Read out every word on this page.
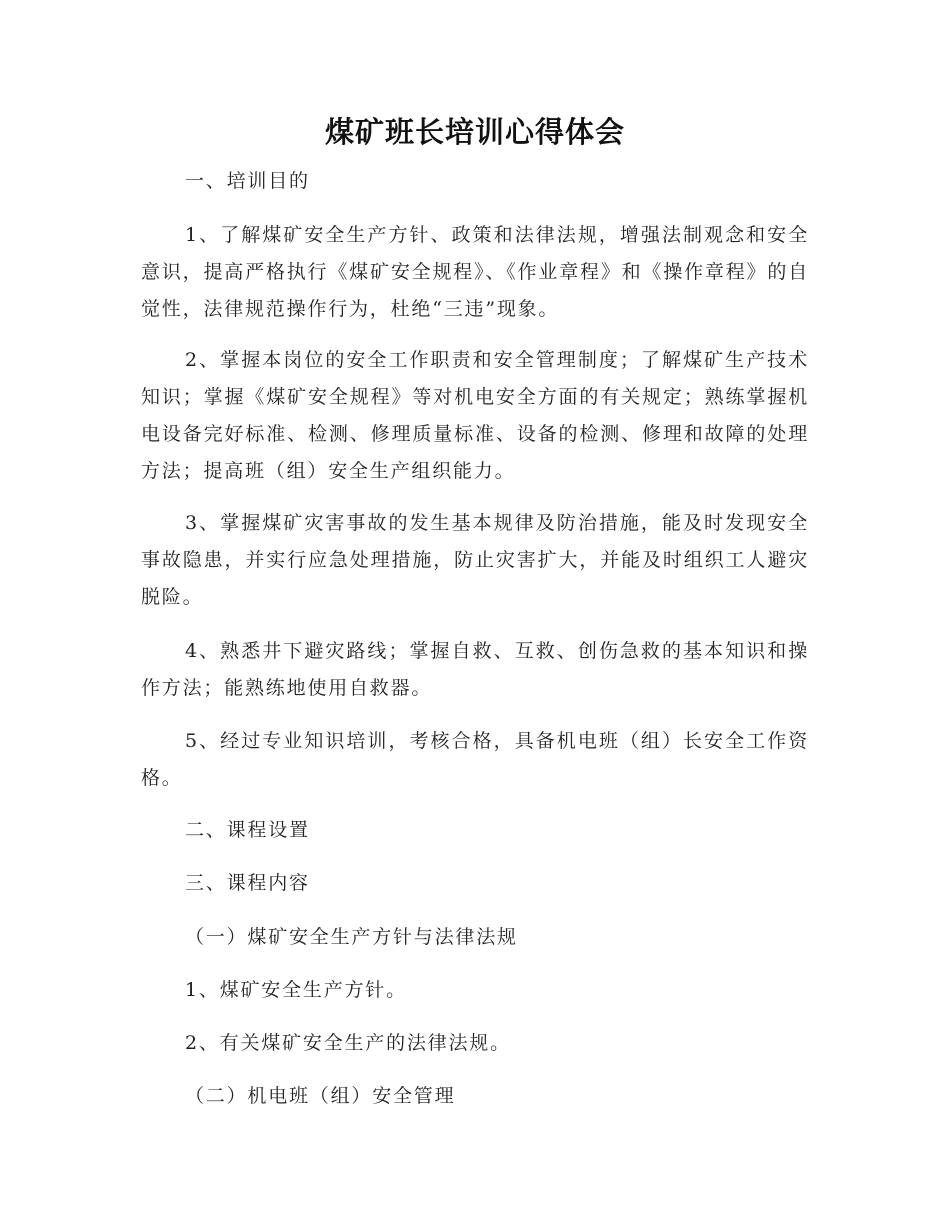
煤矿班长培训心得体会
一、培训目的
1、了解煤矿安全生产方针、政策和法律法规，增强法制观念和安全意识，提高严格执行《煤矿安全规程》、《作业章程》和《操作章程》的自觉性，法律规范操作行为，杜绝“三违”现象。
2、掌握本岗位的安全工作职责和安全管理制度；了解煤矿生产技术知识；掌握《煤矿安全规程》等对机电安全方面的有关规定；熟练掌握机电设备完好标准、检测、修理质量标准、设备的检测、修理和故障的处理方法；提高班（组）安全生产组织能力。
3、掌握煤矿灾害事故的发生基本规律及防治措施，能及时发现安全事故隐患，并实行应急处理措施，防止灾害扩大，并能及时组织工人避灾脱险。
4、熟悉井下避灾路线；掌握自救、互救、创伤急救的基本知识和操作方法；能熟练地使用自救器。
5、经过专业知识培训，考核合格，具备机电班（组）长安全工作资格。
二、课程设置
三、课程内容
（一）煤矿安全生产方针与法律法规
1、煤矿安全生产方针。
2、有关煤矿安全生产的法律法规。
（二）机电班（组）安全管理
